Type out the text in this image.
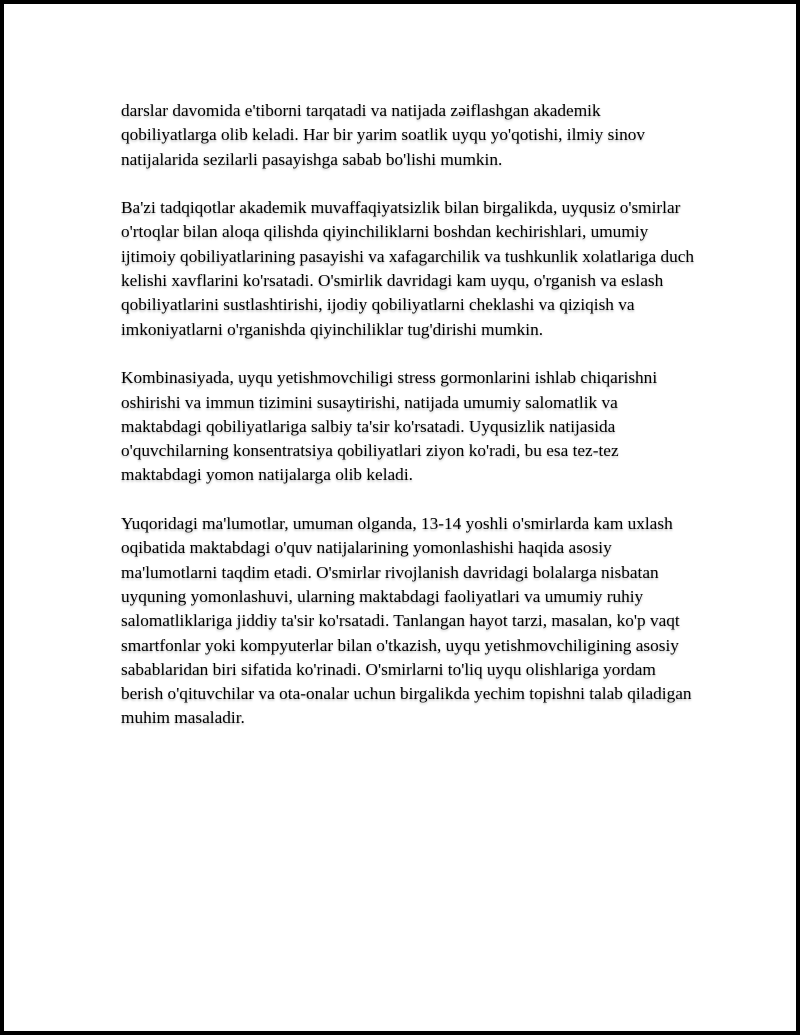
darslar davomida e'tiborni tarqatadi va natijada zəiflashgan akademik qobiliyatlarga olib keladi. Har bir yarim soatlik uyqu yo'qotishi, ilmiy sinov natijalarida sezilarli pasayishga sabab bo'lishi mumkin.

Ba'zi tadqiqotlar akademik muvaffaqiyatsizlik bilan birgalikda, uyqusiz o'smirlar o'rtoqlar bilan aloqa qilishda qiyinchiliklarni boshdan kechirishlari, umumiy ijtimoiy qobiliyatlarining pasayishi va xafagarchilik va tushkunlik xolatlariga duch kelishi xavflarini ko'rsatadi. O'smirlik davridagi kam uyqu, o'rganish va eslash qobiliyatlarini sustlashtirishi, ijodiy qobiliyatlarni cheklashi va qiziqish va imkoniyatlarni o'rganishda qiyinchiliklar tug'dirishi mumkin.

Kombinasiyada, uyqu yetishmovchiligi stress gormonlarini ishlab chiqarishni oshirishi va immun tizimini susaytirishi, natijada umumiy salomatlik va maktabdagi qobiliyatlariga salbiy ta'sir ko'rsatadi. Uyqusizlik natijasida o'quvchilarning konsentratsiya qobiliyatlari ziyon ko'radi, bu esa tez-tez maktabdagi yomon natijalarga olib keladi.

Yuqoridagi ma'lumotlar, umuman olganda, 13-14 yoshli o'smirlarda kam uxlash oqibatida maktabdagi o'quv natijalarining yomonlashishi haqida asosiy ma'lumotlarni taqdim etadi. O'smirlar rivojlanish davridagi bolalarga nisbatan uyquning yomonlashuvi, ularning maktabdagi faoliyatlari va umumiy ruhiy salomatliklariga jiddiy ta'sir ko'rsatadi. Tanlangan hayot tarzi, masalan, ko'p vaqt smartfonlar yoki kompyuterlar bilan o'tkazish, uyqu yetishmovchiligining asosiy sabablaridan biri sifatida ko'rinadi. O'smirlarni to'liq uyqu olishlariga yordam berish o'qituvchilar va ota-onalar uchun birgalikda yechim topishni talab qiladigan muhim masaladir.
